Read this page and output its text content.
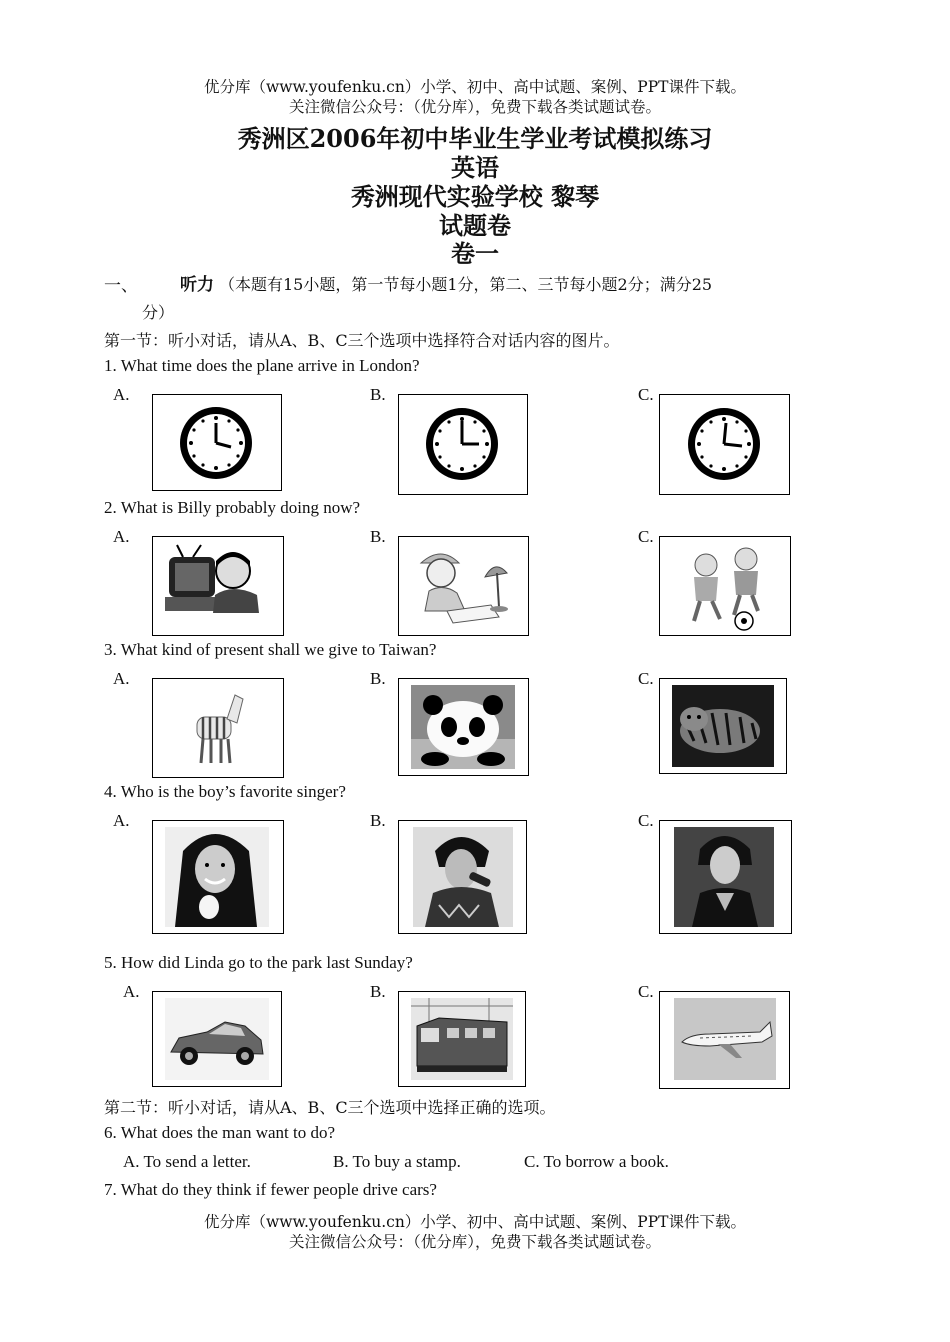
优分库（www.youfenku.cn）小学、初中、高中试题、案例、PPT课件下载。
关注微信公众号：（优分库），免费下载各类试题试卷。
秀洲区2006年初中毕业生学业考试模拟练习
英语
秀洲现代实验学校 黎琴
试题卷
卷一
一、 听力 （本题有15小题，第一节每小题1分，第二、三节每小题2分；满分25
分）
第一节：听小对话，请从A、B、C三个选项中选择符合对话内容的图片。
1. What time does the plane arrive in London?
A.	B.	C.
2. What is Billy probably doing now?
A.	B.	C.
3. What kind of present shall we give to Taiwan?
A.	B.	C.
4. Who is the boy’s favorite singer?
A.	B.	C.
5. How did Linda go to the park last Sunday?
A.	B.	C.
第二节：听小对话，请从A、B、C三个选项中选择正确的选项。
6. What does the man want to do?
A. To send a letter.	B. To buy a stamp.	C. To borrow a book.
7. What do they think if fewer people drive cars?
优分库（www.youfenku.cn）小学、初中、高中试题、案例、PPT课件下载。
关注微信公众号：（优分库），免费下载各类试题试卷。
